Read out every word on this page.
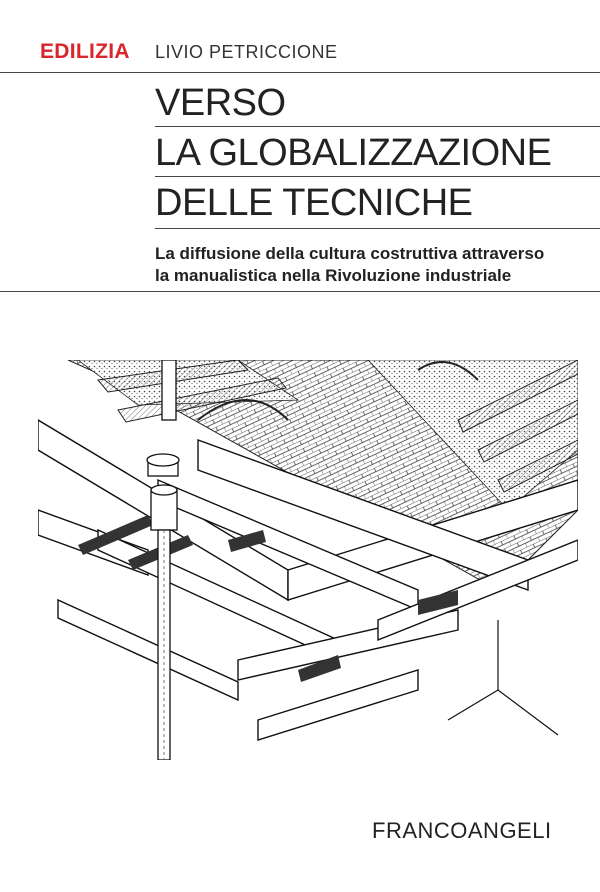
EDILIZIA LIVIO PETRICCIONE
VERSO
LA GLOBALIZZAZIONE
DELLE TECNICHE
La diffusione della cultura costruttiva attraverso
la manualistica nella Rivoluzione industriale
FRANCOANGELI
